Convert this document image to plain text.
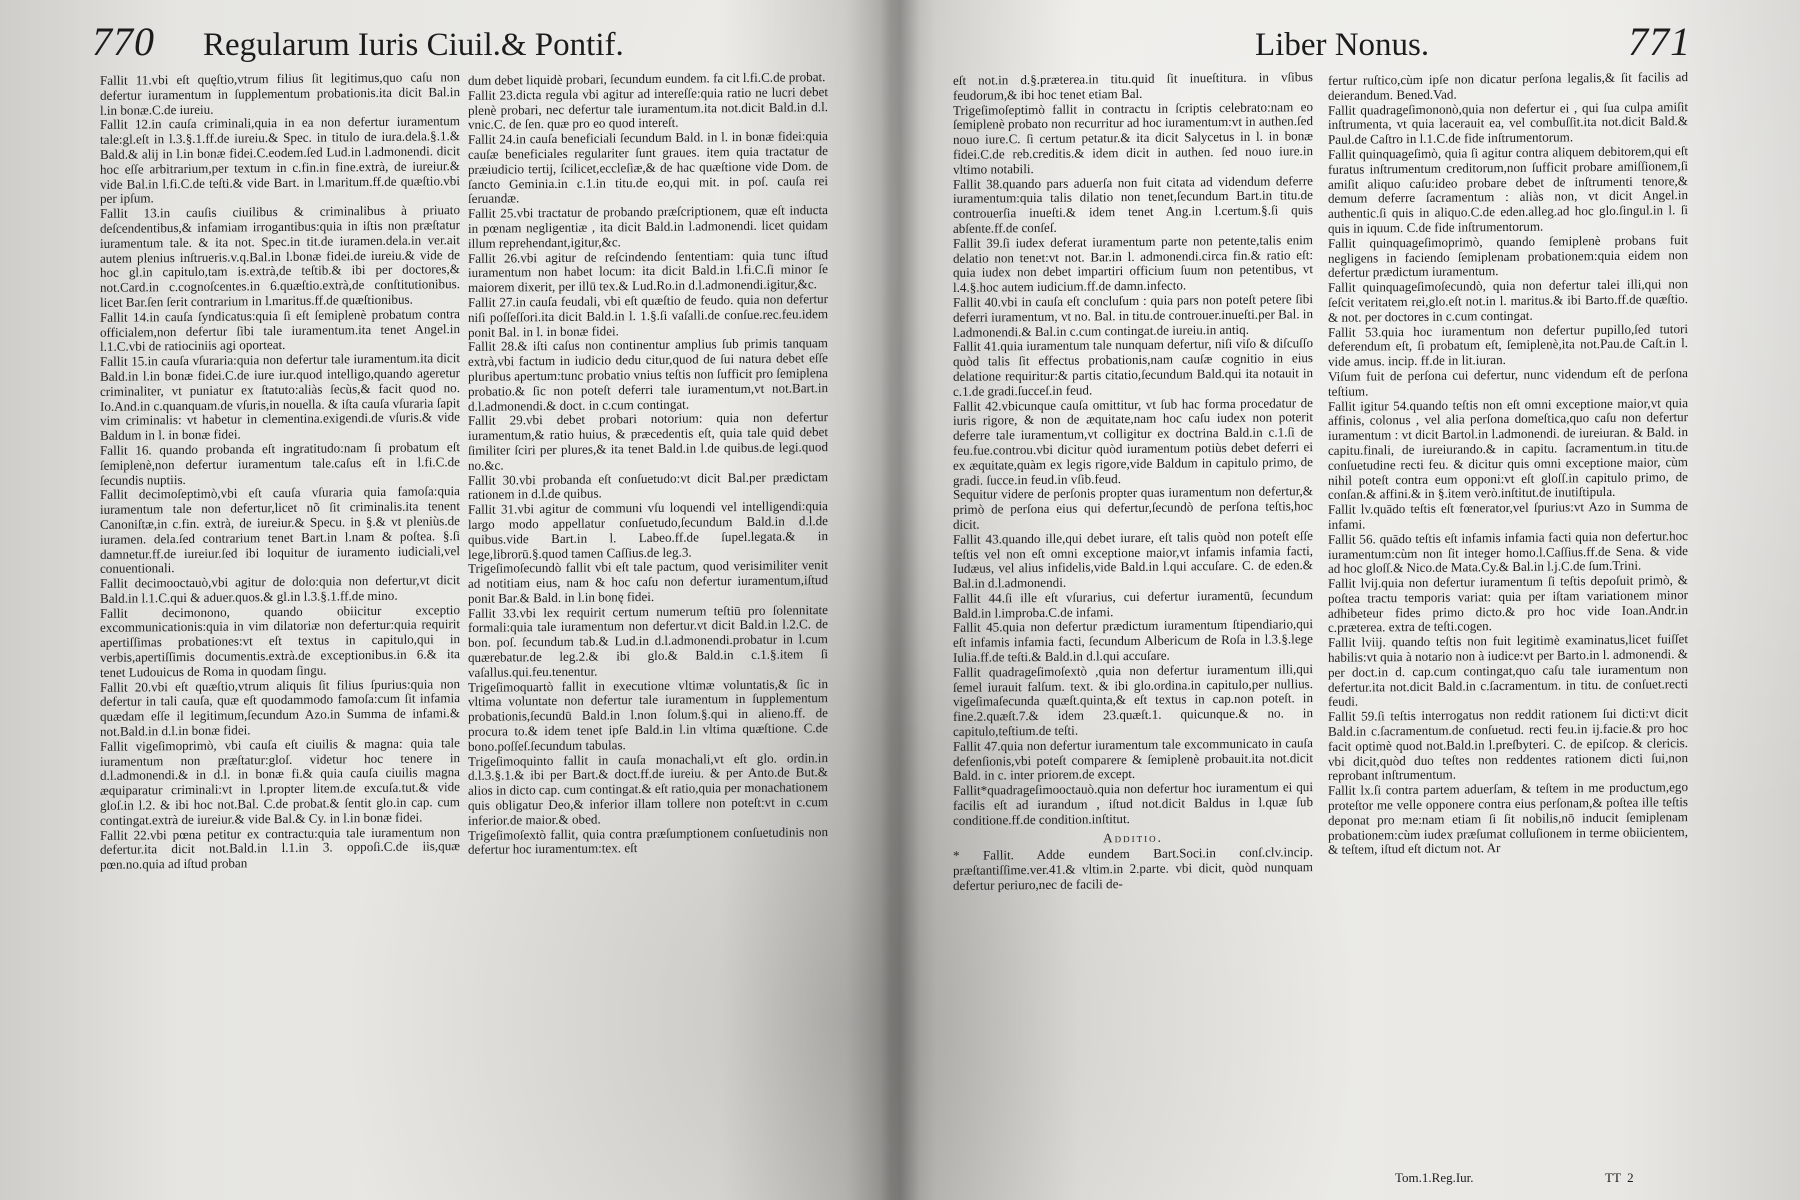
770 Regularum Iuris Ciuil.& Pontif.

Fallit 11.vbi eſt quęſtio,vtrum filius ſit legitimus,quo caſu non defertur iuramentum in ſupplementum probationis.ita dicit Bal.in l.in bonæ.C.de iureiu.

Fallit 12.in cauſa criminali,quia in ea non defertur iuramentum tale:gl.eſt in l.3.§.1.ff.de iureiu.& Spec. in titulo de iura.dela.§.1.& Bald.& alij in l.in bonæ fidei.C.eodem.ſed Lud.in l.admonendi. dicit hoc eſſe arbitrarium,per textum in c.fin.in fine.extrà, de iureiur.& vide Bal.in l.fi.C.de teſti.& vide Bart. in l.maritum.ff.de quæſtio.vbi per ipſum.

Fallit 13.in cauſis ciuilibus & criminalibus à priuato deſcendentibus,& infamiam irrogantibus:quia in iſtis non præſtatur iuramentum tale. & ita not. Spec.in tit.de iuramen.dela.in ver.ait autem plenius inſtrueris.v.q.Bal.in l.bonæ fidei.de iureiu.& vide de hoc gl.in capitulo,tam is.extrà,de teſtib.& ibi per doctores,& not.Card.in c.cognoſcentes.in 6.quæſtio.extrà,de conſtitutionibus. licet Bar.ſen ſerit contrarium in l.maritus.ff.de quæſtionibus.

Fallit 14.in cauſa ſyndicatus:quia ſi eſt ſemiplenè probatum contra officialem,non defertur ſibi tale iuramentum.ita tenet Angel.in l.1.C.vbi de ratiociniis agi oporteat.

Fallit 15.in cauſa vſuraria:quia non defertur tale iuramentum.ita dicit Bald.in l.in bonæ fidei.C.de iure iur.quod intelligo,quando ageretur criminaliter, vt puniatur ex ſtatuto:aliàs ſecùs,& facit quod no. Io.And.in c.quanquam.de vſuris,in nouella. & iſta cauſa vſuraria ſapit vim criminalis: vt habetur in clementina.exigendi.de vſuris.& vide Baldum in l. in bonæ fidei.

Fallit 16. quando probanda eſt ingratitudo:nam ſi probatum eſt ſemiplenè,non defertur iuramentum tale.caſus eſt in l.fi.C.de ſecundis nuptiis.

Fallit decimoſeptimò,vbi eſt cauſa vſuraria quia famoſa:quia iuramentum tale non defertur,licet nõ ſit criminalis.ita tenent Canoniſtæ,in c.fin. extrà, de iureiur.& Specu. in §.& vt pleniùs.de iuramen. dela.ſed contrarium tenet Bart.in l.nam & poſtea. §.ſi damnetur.ff.de iureiur.ſed ibi loquitur de iuramento iudiciali,vel conuentionali.

Fallit decimooctauò,vbi agitur de dolo:quia non defertur,vt dicit Bald.in l.1.C.qui & aduer.quos.& gl.in l.3.§.1.ff.de mino.

Fallit decimonono, quando obiicitur exceptio excommunicationis:quia in vim dilatoriæ non defertur:quia requirit apertiſſimas probationes:vt eſt textus in capitulo,qui in verbis,apertiſſimis documentis.extrà.de exceptionibus.in 6.& ita tenet Ludouicus de Roma in quodam ſingu.

Fallit 20.vbi eſt quæſtio,vtrum aliquis ſit filius ſpurius:quia non defertur in tali cauſa, quæ eſt quodammodo famoſa:cum ſit infamia quædam eſſe il legitimum,ſecundum Azo.in Summa de infami.& not.Bald.in d.l.in bonæ fidei.

Fallit vigeſimoprimò, vbi cauſa eſt ciuilis & magna: quia tale iuramentum non præſtatur:gloſ. videtur hoc tenere in d.l.admonendi.& in d.l. in bonæ fi.& quia cauſa ciuilis magna æquiparatur criminali:vt in l.propter litem.de excuſa.tut.& vide gloſ.in l.2. & ibi hoc not.Bal. C.de probat.& ſentit glo.in cap. cum contingat.extrà de iureiur.& vide Bal.& Cy. in l.in bonæ fidei.

Fallit 22.vbi pœna petitur ex contractu:quia tale iuramentum non defertur.ita dicit not.Bald.in l.1.in 3. oppoſi.C.de iis,quæ pœn.no.quia ad iſtud proban

dum debet liquidè probari, ſecundum eundem. fa cit l.fi.C.de probat.

Fallit 23.dicta regula vbi agitur ad intereſſe:quia ratio ne lucri debet plenè probari, nec defertur tale iuramentum.ita not.dicit Bald.in d.l. vnic.C. de ſen. quæ pro eo quod intereſt.

Fallit 24.in cauſa beneficiali ſecundum Bald. in l. in bonæ fidei:quia cauſæ beneficiales regulariter ſunt graues. item quia tractatur de præiudicio tertij, ſcilicet,eccleſiæ,& de hac quæſtione vide Dom. de ſancto Geminia.in c.1.in titu.de eo,qui mit. in poſ. cauſa rei ſeruandæ.

Fallit 25.vbi tractatur de probando præſcriptionem, quæ eſt inducta in pœnam negligentiæ , ita dicit Bald.in l.admonendi. licet quidam illum reprehendant,igitur,&c.

Fallit 26.vbi agitur de reſcindendo ſententiam: quia tunc iſtud iuramentum non habet locum: ita dicit Bald.in l.fi.C.ſi minor ſe maiorem dixerit, per illū tex.& Lud.Ro.in d.l.admonendi.igitur,&c.

Fallit 27.in cauſa feudali, vbi eſt quæſtio de feudo. quia non defertur niſi poſſeſſori.ita dicit Bald.in l. 1.§.ſi vaſalli.de conſue.rec.feu.idem ponit Bal. in l. in bonæ fidei.

Fallit 28.& iſti caſus non continentur amplius ſub primis tanquam extrà,vbi factum in iudicio dedu citur,quod de ſui natura debet eſſe pluribus apertum:tunc probatio vnius teſtis non ſufficit pro ſemiplena probatio.& ſic non poteſt deferri tale iuramentum,vt not.Bart.in d.l.admonendi.& doct. in c.cum contingat.

Fallit 29.vbi debet probari notorium: quia non defertur iuramentum,& ratio huius, & præcedentis eſt, quia tale quid debet ſimiliter ſciri per plures,& ita tenet Bald.in l.de quibus.de legi.quod no.&c.

Fallit 30.vbi probanda eſt conſuetudo:vt dicit Bal.per prædictam rationem in d.l.de quibus.

Fallit 31.vbi agitur de communi vſu loquendi vel intelligendi:quia largo modo appellatur conſuetudo,ſecundum Bald.in d.l.de quibus.vide Bart.in l. Labeo.ff.de ſupel.legata.& in lege,librorū.§.quod tamen Caſſius.de leg.3.

Trigeſimoſecundò fallit vbi eſt tale pactum, quod verisimiliter venit ad notitiam eius, nam & hoc caſu non defertur iuramentum,iſtud ponit Bar.& Bald. in l.in bonę fidei.

Fallit 33.vbi lex requirit certum numerum teſtiū pro ſolennitate formali:quia tale iuramentum non defertur.vt dicit Bald.in l.2.C. de bon. poſ. ſecundum tab.& Lud.in d.l.admonendi.probatur in l.cum quærebatur.de leg.2.& ibi glo.& Bald.in c.1.§.item ſi vaſallus.qui.feu.tenentur.

Trigeſimoquartò fallit in executione vltimæ voluntatis,& ſic in vltima voluntate non defertur tale iuramentum in ſupplementum probationis,ſecundū Bald.in l.non ſolum.§.qui in alieno.ff. de procura to.& idem tenet ipſe Bald.in l.in vltima quæſtione. C.de bono.poſſeſ.ſecundum tabulas.

Trigeſimoquinto fallit in cauſa monachali,vt eſt glo. ordin.in d.l.3.§.1.& ibi per Bart.& doct.ff.de iureiu. & per Anto.de But.& alios in dicto cap. cum contingat.& eſt ratio,quia per monachationem quis obligatur Deo,& inferior illam tollere non poteſt:vt in c.cum inferior.de maior.& obed.

Trigeſimoſextò fallit, quia contra præſumptionem conſuetudinis non defertur hoc iuramentum:tex. eſt

Liber Nonus.	771

eſt not.in d.§.præterea.in titu.quid ſit inueſtitura. in vſibus feudorum,& ibi hoc tenet etiam Bal.

Trigeſimoſeptimò fallit in contractu in ſcriptis celebrato:nam eo ſemiplenè probato non recurritur ad hoc iuramentum:vt in authen.ſed nouo iure.C. ſi certum petatur.& ita dicit Salycetus in l. in bonæ fidei.C.de reb.creditis.& idem dicit in authen. ſed nouo iure.in vltimo notabili.

Fallit 38.quando pars aduerſa non fuit citata ad videndum deferre iuramentum:quia talis dilatio non tenet,ſecundum Bart.in titu.de controuerſia inueſti.& idem tenet Ang.in l.certum.§.ſi quis abſente.ff.de conſeſ.

Fallit 39.ſi iudex deferat iuramentum parte non petente,talis enim delatio non tenet:vt not. Bar.in l. admonendi.circa fin.& ratio eſt: quia iudex non debet impartiri officium ſuum non petentibus, vt l.4.§.hoc autem iudicium.ff.de damn.infecto.

Fallit 40.vbi in cauſa eſt concluſum : quia pars non poteſt petere ſibi deferri iuramentum, vt no. Bal. in titu.de controuer.inueſti.per Bal. in l.admonendi.& Bal.in c.cum contingat.de iureiu.in antiq.

Fallit 41.quia iuramentum tale nunquam defertur, niſi viſo & diſcuſſo quòd talis ſit effectus probationis,nam cauſæ cognitio in eius delatione requiritur:& partis citatio,ſecundum Bald.qui ita notauit in c.1.de gradi.ſucceſ.in feud.

Fallit 42.vbicunque cauſa omittitur, vt ſub hac forma procedatur de iuris rigore, & non de æquitate,nam hoc caſu iudex non poterit deferre tale iuramentum,vt colligitur ex doctrina Bald.in c.1.ſi de feu.fue.controu.vbi dicitur quòd iuramentum potiùs debet deferri ei ex æquitate,quàm ex legis rigore,vide Baldum in capitulo primo, de gradi. ſucce.in feud.in vſib.feud.

Sequitur videre de perſonis propter quas iuramentum non defertur,& primò de perſona eius qui defertur,ſecundò de perſona teſtis,hoc dicit.

Fallit 43.quando ille,qui debet iurare, eſt talis quòd non poteſt eſſe teſtis vel non eſt omni exceptione maior,vt infamis infamia facti, Iudæus, vel alius infidelis,vide Bald.in l.qui accuſare. C. de eden.& Bal.in d.l.admonendi.

Fallit 44.ſi ille eſt vſurarius, cui defertur iuramentū, ſecundum Bald.in l.improba.C.de infami.

Fallit 45.quia non defertur prædictum iuramentum ſtipendiario,qui eſt infamis infamia facti, ſecundum Albericum de Roſa in l.3.§.lege Iulia.ff.de teſti.& Bald.in d.l.qui accuſare.

Fallit quadrageſimoſextò ,quia non defertur iuramentum illi,qui ſemel iurauit falſum. text. & ibi glo.ordina.in capitulo,per nullius. vigeſimaſecunda quæſt.quinta,& eſt textus in cap.non poteſt. in fine.2.quæſt.7.& idem 23.quæſt.1. quicunque.& no. in capitulo,teſtium.de teſti.

Fallit 47.quia non defertur iuramentum tale excommunicato in cauſa defenſionis,vbi poteſt comparere & ſemiplenè probauit.ita not.dicit Bald. in c. inter priorem.de except.

Fallit*quadrageſimooctauò.quia non defertur hoc iuramentum ei qui facilis eſt ad iurandum , iſtud not.dicit Baldus in l.quæ ſub conditione.ff.de condition.inſtitut.

Additio.

* Fallit. Adde eundem Bart.Soci.in conſ.clv.incip. præſtantiſſime.ver.41.& vltim.in 2.parte. vbi dicit, quòd nunquam defertur periuro,nec de facili de-

fertur ruſtico,cùm ipſe non dicatur perſona legalis,& ſit facilis ad deierandum. Bened.Vad.

Fallit quadrageſimononò,quia non defertur ei , qui ſua culpa amiſit inſtrumenta, vt quia lacerauit ea, vel combuſſit.ita not.dicit Bald.& Paul.de Caſtro in l.1.C.de fide inſtrumentorum.

Fallit quinquageſimò, quia ſi agitur contra aliquem debitorem,qui eſt furatus inſtrumentum creditorum,non ſufficit probare amiſſionem,ſi amiſit aliquo caſu:ideo probare debet de inſtrumenti tenore,& demum deferre ſacramentum : aliàs non, vt dicit Angel.in authentic.ſi quis in aliquo.C.de eden.alleg.ad hoc glo.ſingul.in l. ſi quis in iquum. C.de fide inſtrumentorum.

Fallit quinquageſimoprimò, quando ſemiplenè probans fuit negligens in faciendo ſemiplenam probationem:quia eidem non defertur prædictum iuramentum.

Fallit quinquageſimoſecundò, quia non defertur talei illi,qui non ſeſcit veritatem rei,glo.eſt not.in l. maritus.& ibi Barto.ff.de quæſtio. & not. per doctores in c.cum contingat.

Fallit 53.quia hoc iuramentum non defertur pupillo,ſed tutori deferendum eſt, ſi probatum eſt, ſemiplenè,ita not.Pau.de Caſt.in l. vide amus. incip. ff.de in lit.iuran.

Viſum fuit de perſona cui defertur, nunc videndum eſt de perſona teſtium.

Fallit igitur 54.quando teſtis non eſt omni exceptione maior,vt quia affinis, colonus , vel alia perſona domeſtica,quo caſu non defertur iuramentum : vt dicit Bartol.in l.admonendi. de iureiuran. & Bald. in capitu.finali, de iureiurando.& in capitu. ſacramentum.in titu.de conſuetudine recti feu. & dicitur quis omni exceptione maior, cùm nihil poteſt contra eum opponi:vt eſt gloſſ.in capitulo primo, de conſan.& affini.& in §.item verò.inſtitut.de inutiſtipula.

Fallit lv.quādo teſtis eſt fœnerator,vel ſpurius:vt Azo in Summa de infami.

Fallit 56. quādo teſtis eſt infamis infamia facti quia non defertur.hoc iuramentum:cùm non ſit integer homo.l.Caſſius.ff.de Sena. & vide ad hoc gloſſ.& Nico.de Mata.Cy.& Bal.in l.j.C.de ſum.Trini.

Fallit lvij.quia non defertur iuramentum ſi teſtis depoſuit primò, & poſtea tractu temporis variat: quia per iſtam variationem minor adhibeteur fides primo dicto.& pro hoc vide Ioan.Andr.in c.præterea. extra de teſti.cogen.

Fallit lviij. quando teſtis non fuit legitimè examinatus,licet fuiſſet habilis:vt quia à notario non à iudice:vt per Barto.in l. admonendi. & per doct.in d. cap.cum contingat,quo caſu tale iuramentum non defertur.ita not.dicit Bald.in c.ſacramentum. in titu. de conſuet.recti feudi.

Fallit 59.ſi teſtis interrogatus non reddit rationem ſui dicti:vt dicit Bald.in c.ſacramentum.de conſuetud. recti feu.in ij.facie.& pro hoc facit optimè quod not.Bald.in l.preſbyteri. C. de epiſcop. & clericis. vbi dicit,quòd duo teſtes non reddentes rationem dicti ſui,non reprobant inſtrumentum.

Fallit lx.ſi contra partem aduerſam, & teſtem in me productum,ego proteſtor me velle opponere contra eius perſonam,& poſtea ille teſtis deponat pro me:nam etiam ſi ſit nobilis,nō inducit ſemiplenam probationem:cùm iudex præſumat colluſionem in terme obiicientem, & teſtem, iſtud eſt dictum not. Ar

Tom.1.Reg.Iur.	TT  2
